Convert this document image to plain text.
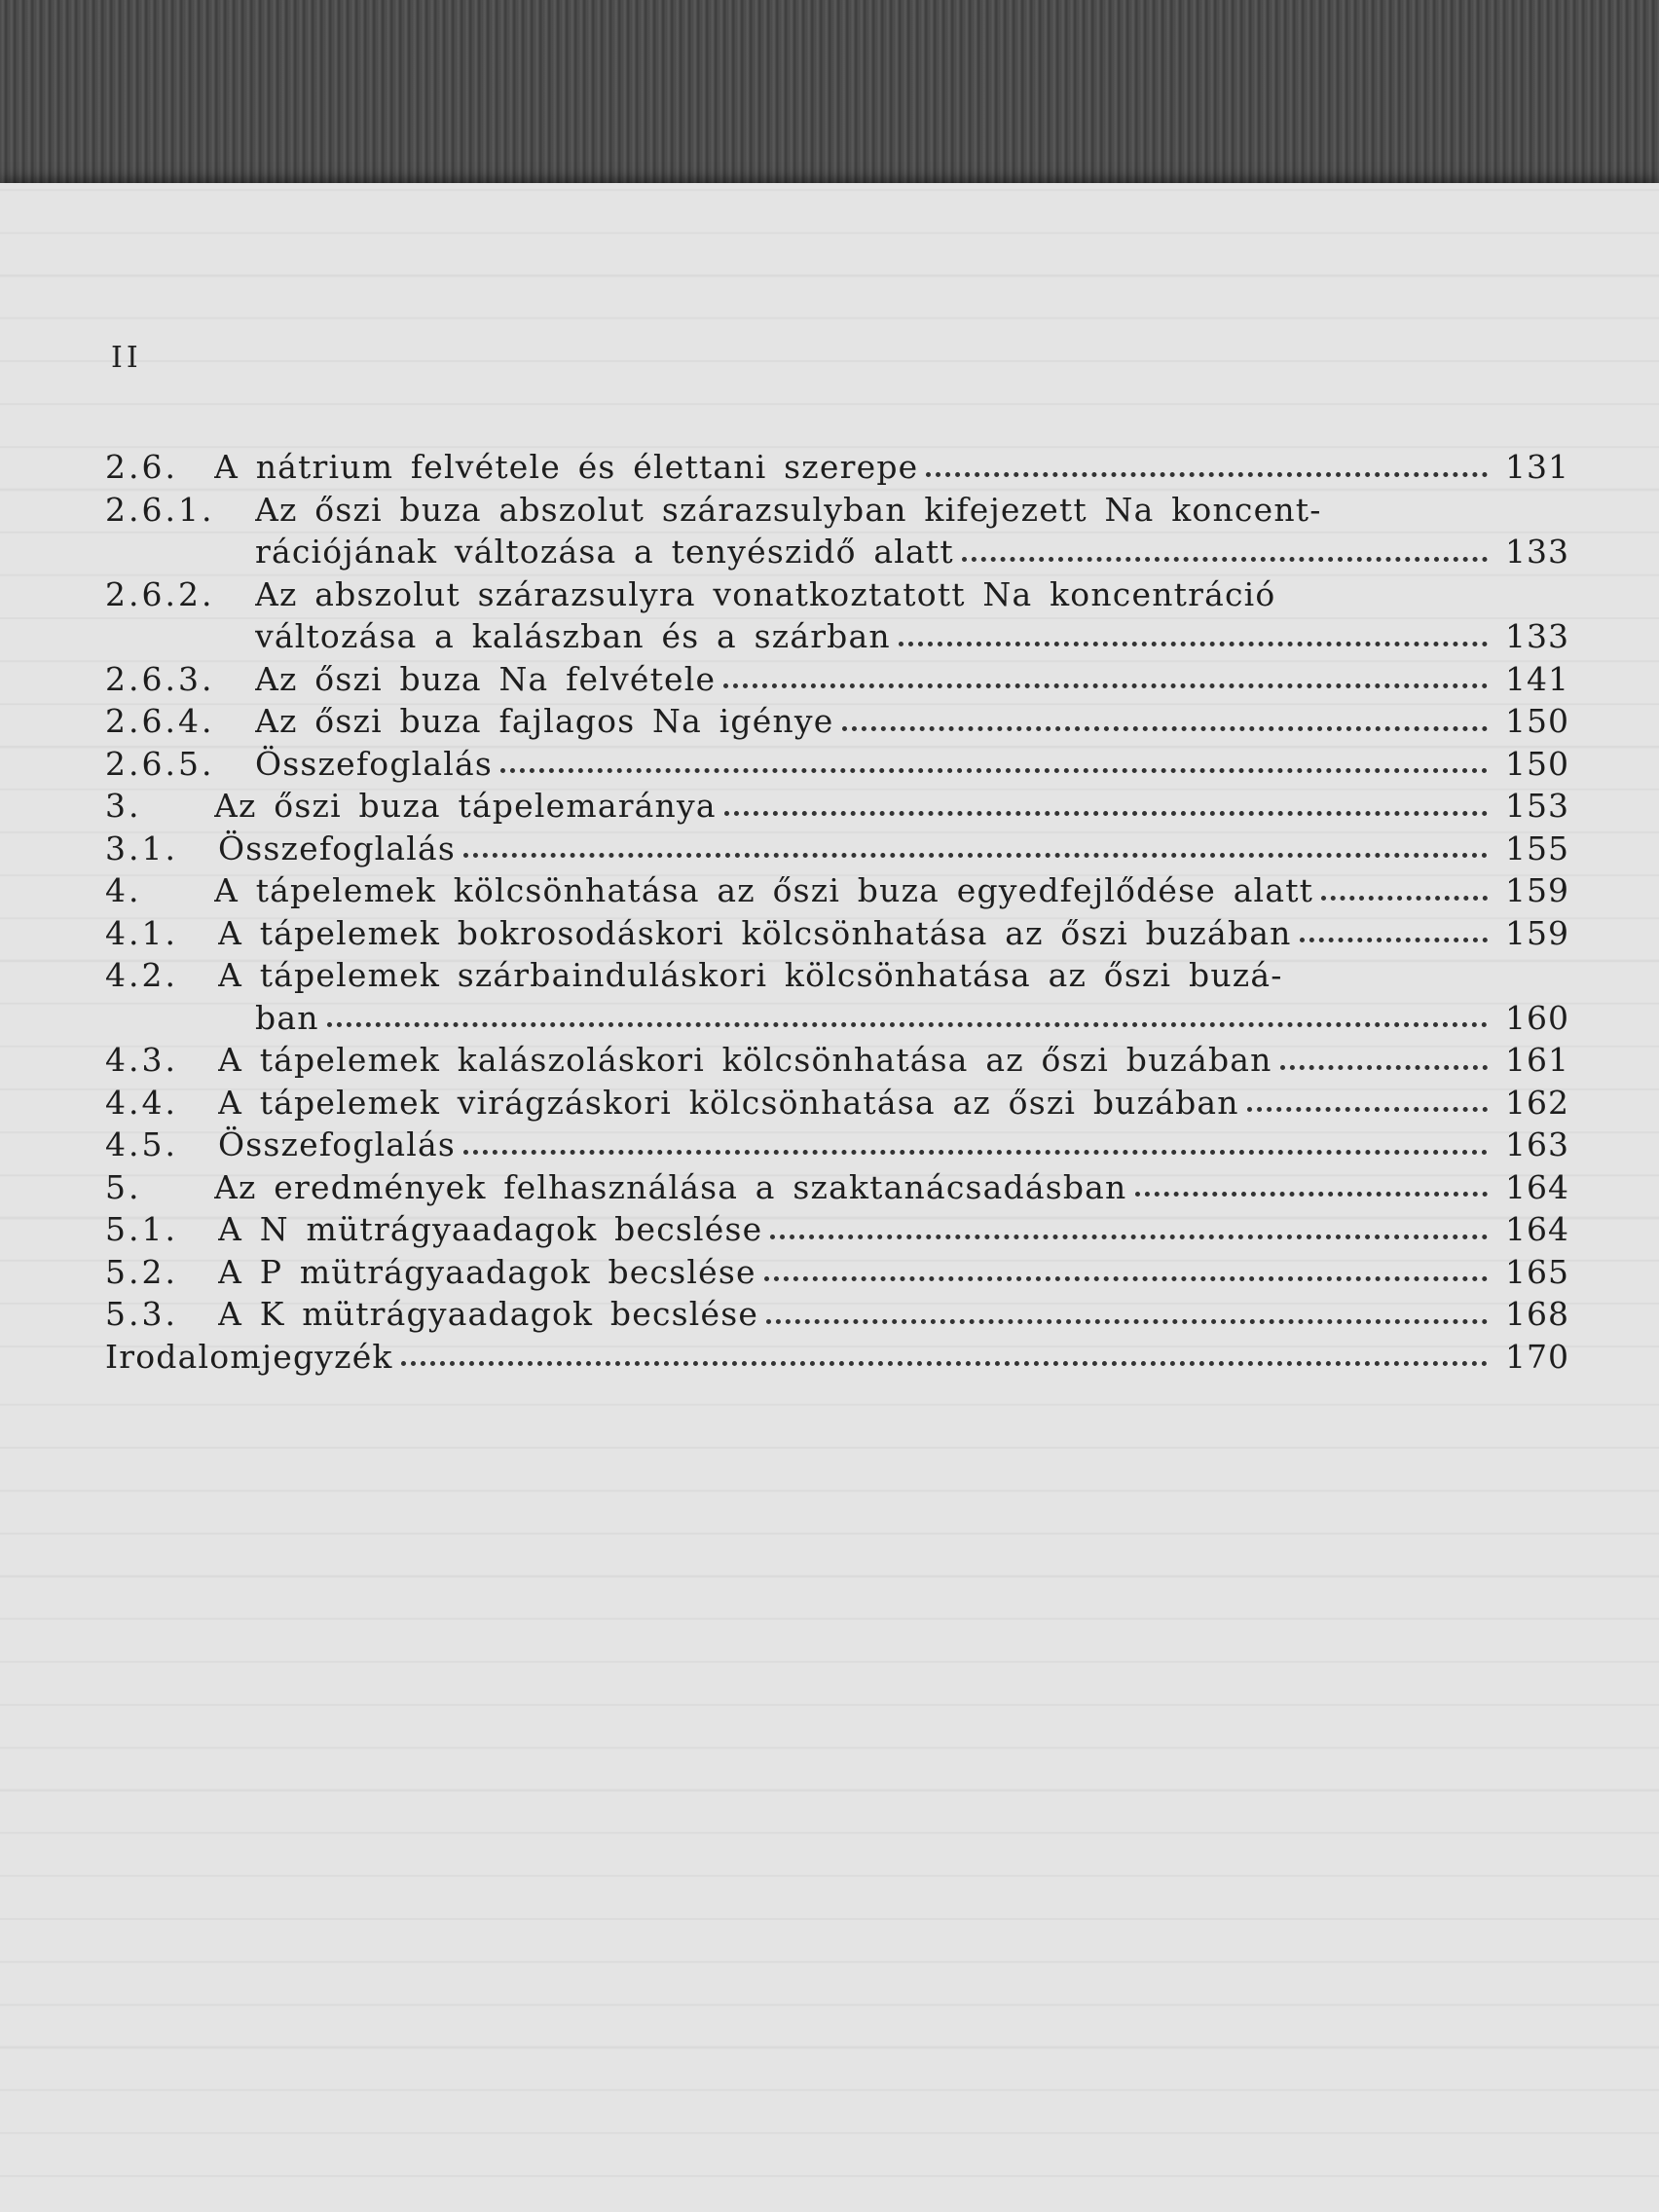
II
2.6.	A nátrium felvétele és élettani szerepe	131
2.6.1.	Az őszi buza abszolut szárazsulyban kifejezett Na koncent-
rációjának változása a tenyészidő alatt	133
2.6.2.	Az abszolut szárazsulyra vonatkoztatott Na koncentráció
változása a kalászban és a szárban	133
2.6.3.	Az őszi buza Na felvétele	141
2.6.4.	Az őszi buza fajlagos Na igénye	150
2.6.5.	Összefoglalás	150
3.	Az őszi buza tápelemaránya	153
3.1.	Összefoglalás	155
4.	A tápelemek kölcsönhatása az őszi buza egyedfejlődése alatt	159
4.1.	A tápelemek bokrosodáskori kölcsönhatása az őszi buzában	159
4.2.	A tápelemek szárbainduláskori kölcsönhatása az őszi buzá-
ban	160
4.3.	A tápelemek kalászoláskori kölcsönhatása az őszi buzában	161
4.4.	A tápelemek virágzáskori kölcsönhatása az őszi buzában	162
4.5.	Összefoglalás	163
5.	Az eredmények felhasználása a szaktanácsadásban	164
5.1.	A N mütrágyaadagok becslése	164
5.2.	A P mütrágyaadagok becslése	165
5.3.	A K mütrágyaadagok becslése	168
Irodalomjegyzék	170
